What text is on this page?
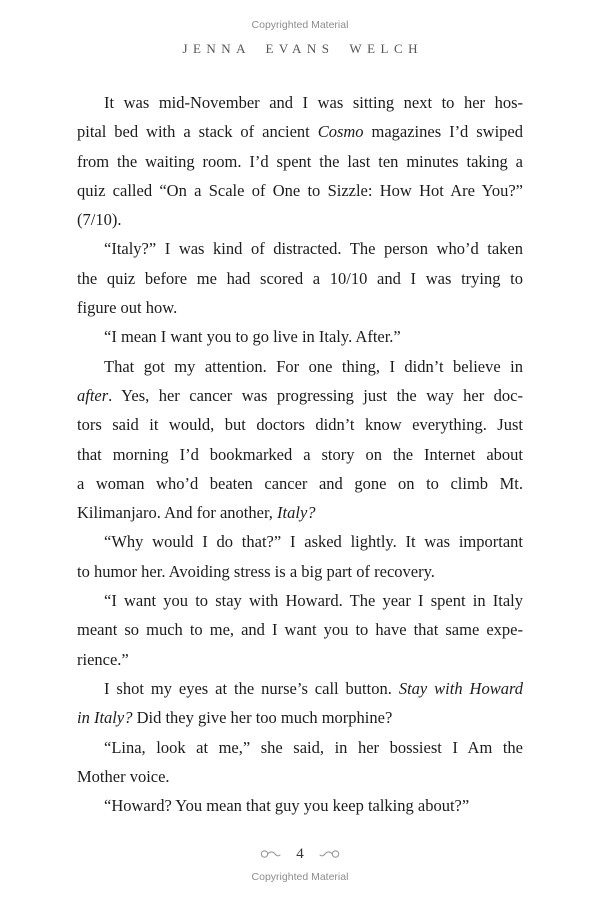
Copyrighted Material
JENNA EVANS WELCH
It was mid-November and I was sitting next to her hos-
pital bed with a stack of ancient Cosmo magazines I’d swiped
from the waiting room. I’d spent the last ten minutes taking a
quiz called “On a Scale of One to Sizzle: How Hot Are You?”
(7/10).
“Italy?” I was kind of distracted. The person who’d taken
the quiz before me had scored a 10/10 and I was trying to
figure out how.
“I mean I want you to go live in Italy. After.”
That got my attention. For one thing, I didn’t believe in
after. Yes, her cancer was progressing just the way her doc-
tors said it would, but doctors didn’t know everything. Just
that morning I’d bookmarked a story on the Internet about
a woman who’d beaten cancer and gone on to climb Mt.
Kilimanjaro. And for another, Italy?
“Why would I do that?” I asked lightly. It was important
to humor her. Avoiding stress is a big part of recovery.
“I want you to stay with Howard. The year I spent in Italy
meant so much to me, and I want you to have that same expe-
rience.”
I shot my eyes at the nurse’s call button. Stay with Howard
in Italy? Did they give her too much morphine?
“Lina, look at me,” she said, in her bossiest I Am the
Mother voice.
“Howard? You mean that guy you keep talking about?”
4
Copyrighted Material
